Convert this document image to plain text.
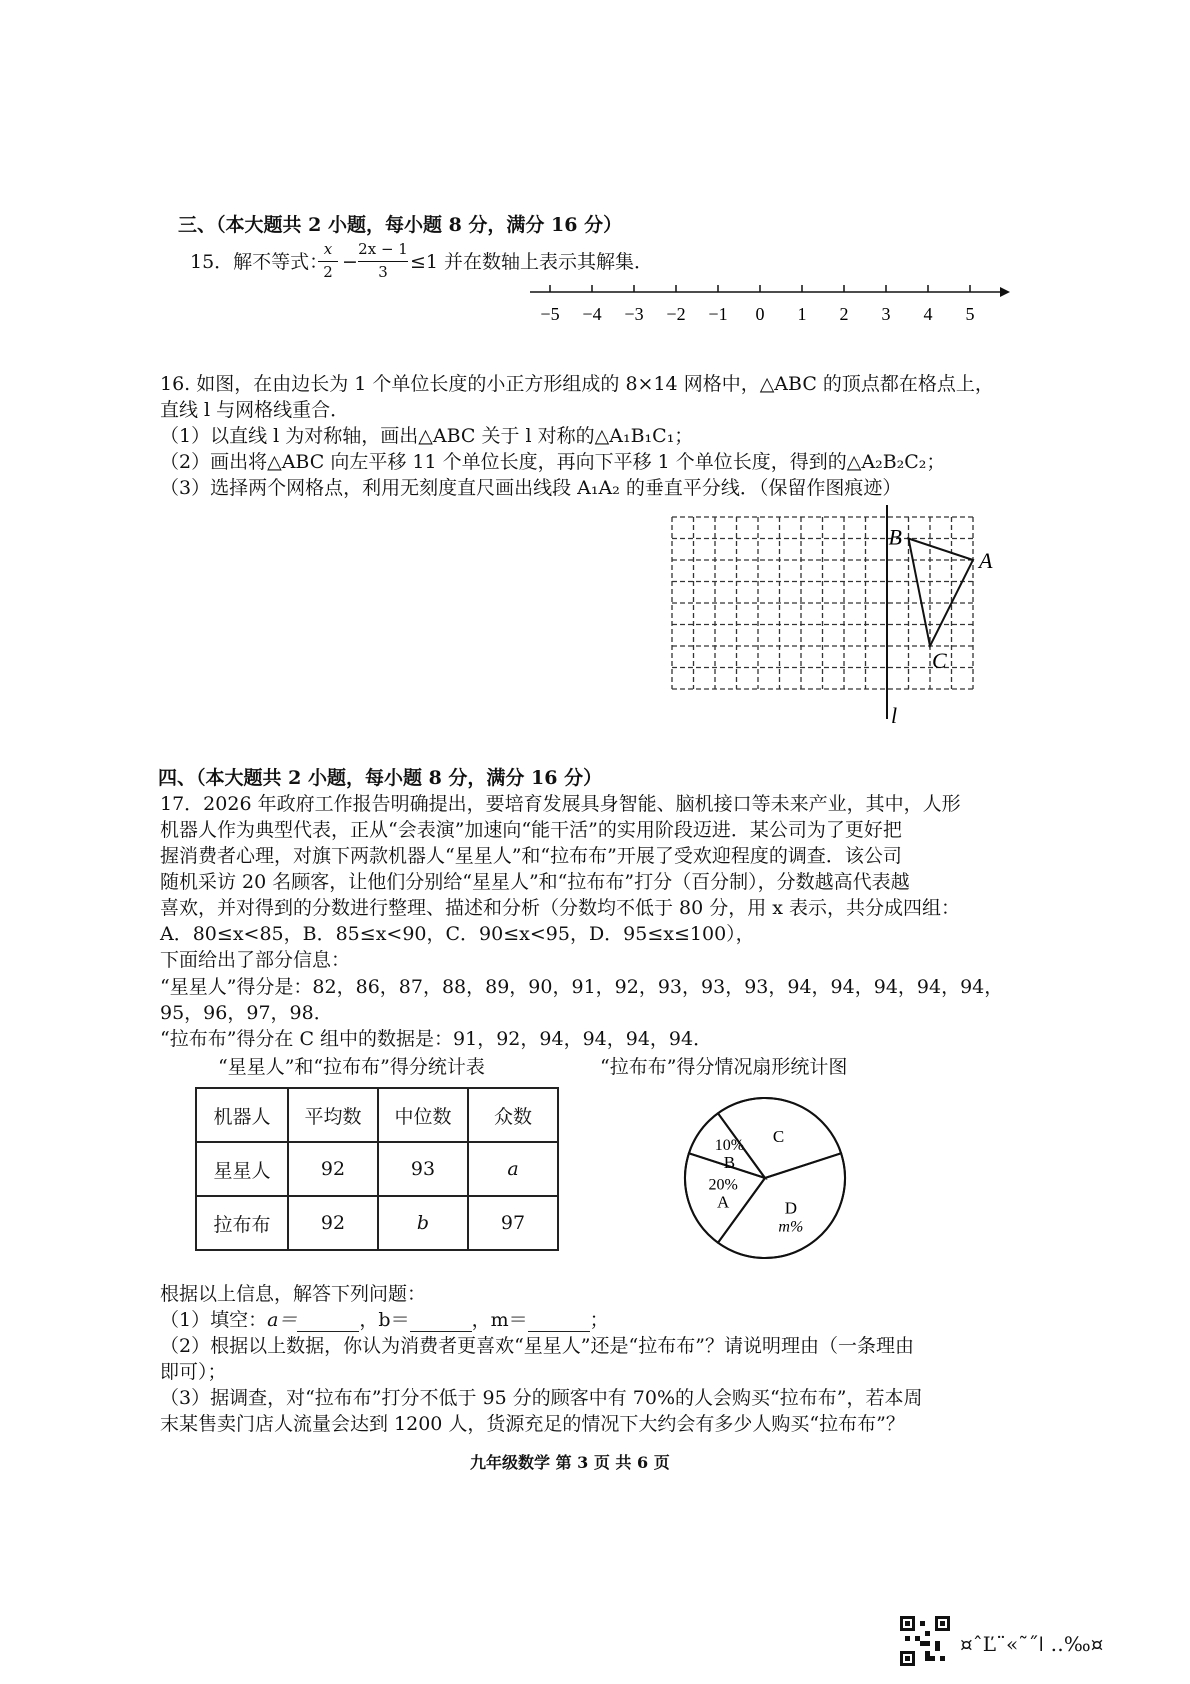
三、（本大题共 2 小题，每小题 8 分，满分 16 分）
15．解不等式：
x
2 −
2x − 1
3	≤1 并在数轴上表示其解集．
−5 −4 −3 −2 −1 0 1 2 3 4 5
16. 如图，在由边长为 1 个单位长度的小正方形组成的 8×14 网格中，△ABC 的顶点都在格点上，
直线 l 与网格线重合．
（1）以直线 l 为对称轴，画出△ABC 关于 l 对称的△A₁B₁C₁；
（2）画出将△ABC 向左平移 11 个单位长度，再向下平移 1 个单位长度，得到的△A₂B₂C₂；
（3）选择两个网格点，利用无刻度直尺画出线段 A₁A₂ 的垂直平分线．（保留作图痕迹）
A
B
C
l
四、（本大题共 2 小题，每小题 8 分，满分 16 分）
17．2026 年政府工作报告明确提出，要培育发展具身智能、脑机接口等未来产业，其中，人形
机器人作为典型代表，正从“会表演”加速向“能干活”的实用阶段迈进．某公司为了更好把
握消费者心理，对旗下两款机器人“星星人”和“拉布布”开展了受欢迎程度的调查．该公司
随机采访 20 名顾客，让他们分别给“星星人”和“拉布布”打分（百分制），分数越高代表越
喜欢，并对得到的分数进行整理、描述和分析（分数均不低于 80 分，用 x 表示，共分成四组：
A．80≤x<85，B．85≤x<90，C．90≤x<95，D．95≤x≤100），
下面给出了部分信息：
“星星人”得分是：82，86，87，88，89，90，91，92，93，93，93，94，94，94，94，94，
95，96，97，98．
“拉布布”得分在 C 组中的数据是：91，92，94，94，94，94．
“星星人”和“拉布布”得分统计表	“拉布布”得分情况扇形统计图
机器人	平均数	中位数	众数
星星人	92	93	a
拉布布	92	b	97
20%
A
10%
B
C
m%
D
根据以上信息，解答下列问题：
（1）填空：a＝	，b＝	，m＝	；
（2）根据以上数据，你认为消费者更喜欢“星星人”还是“拉布布”？请说明理由（一条理由
即可）；
（3）据调查，对“拉布布”打分不低于 95 分的顾客中有 70%的人会购买“拉布布”，若本周
末某售卖门店人流量会达到 1200 人，货源充足的情况下大约会有多少人购买“拉布布”？
九年级数学 第 3 页 共 6 页
¤ˆĽ¨«˜˝ǀ ‥‰¤
